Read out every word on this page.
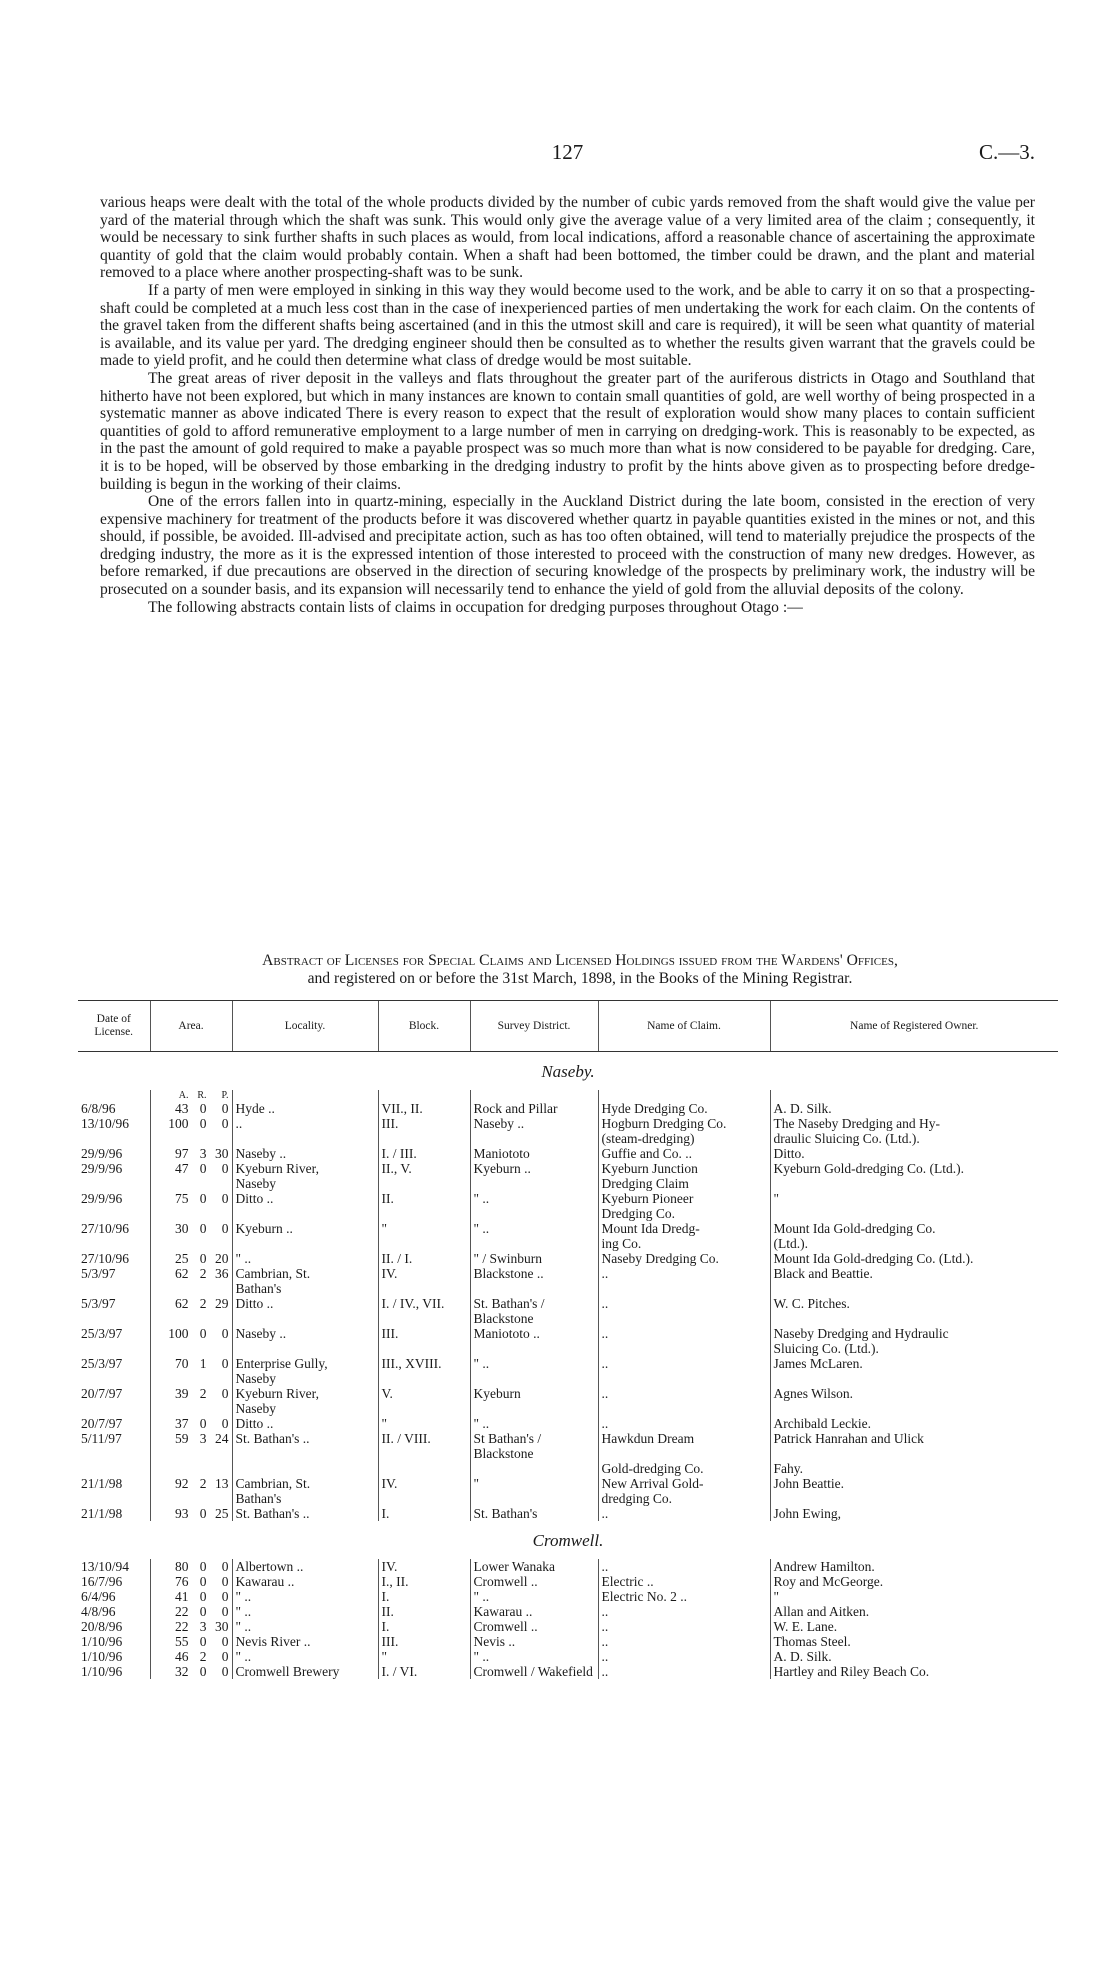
127	C.—3.

various heaps were dealt with the total of the whole products divided by the number of cubic yards removed from the shaft would give the value per yard of the material through which the shaft was sunk. This would only give the average value of a very limited area of the claim ; consequently, it would be necessary to sink further shafts in such places as would, from local indications, afford a reasonable chance of ascertaining the approximate quantity of gold that the claim would probably contain. When a shaft had been bottomed, the timber could be drawn, and the plant and material removed to a place where another prospecting-shaft was to be sunk.

If a party of men were employed in sinking in this way they would become used to the work, and be able to carry it on so that a prospecting-shaft could be completed at a much less cost than in the case of inexperienced parties of men undertaking the work for each claim. On the contents of the gravel taken from the different shafts being ascertained (and in this the utmost skill and care is required), it will be seen what quantity of material is available, and its value per yard. The dredging engineer should then be consulted as to whether the results given warrant that the gravels could be made to yield profit, and he could then determine what class of dredge would be most suitable.

The great areas of river deposit in the valleys and flats throughout the greater part of the auriferous districts in Otago and Southland that hitherto have not been explored, but which in many instances are known to contain small quantities of gold, are well worthy of being prospected in a systematic manner as above indicated There is every reason to expect that the result of exploration would show many places to contain sufficient quantities of gold to afford remunerative employment to a large number of men in carrying on dredging-work. This is reasonably to be expected, as in the past the amount of gold required to make a payable prospect was so much more than what is now considered to be payable for dredging. Care, it is to be hoped, will be observed by those embarking in the dredging industry to profit by the hints above given as to prospecting before dredge-building is begun in the working of their claims.

One of the errors fallen into in quartz-mining, especially in the Auckland District during the late boom, consisted in the erection of very expensive machinery for treatment of the products before it was discovered whether quartz in payable quantities existed in the mines or not, and this should, if possible, be avoided. Ill-advised and precipitate action, such as has too often obtained, will tend to materially prejudice the prospects of the dredging industry, the more as it is the expressed intention of those interested to proceed with the construction of many new dredges. However, as before remarked, if due precautions are observed in the direction of securing knowledge of the prospects by preliminary work, the industry will be prosecuted on a sounder basis, and its expansion will necessarily tend to enhance the yield of gold from the alluvial deposits of the colony.

The following abstracts contain lists of claims in occupation for dredging purposes throughout Otago :—

Abstract of Licenses for Special Claims and Licensed Holdings issued from the Wardens' Offices,
and registered on or before the 31st March, 1898, in the Books of the Mining Registrar.
Date of License.	Area.	Locality.	Block.	Survey District.	Name of Claim.	Name of Registered Owner.
Naseby.						

	A. R. P.					

6/8/96	43 0 0	Hyde ..	VII., II.	Rock and Pillar	Hyde Dredging Co.	A. D. Silk.
13/10/96	100 0 0	..	III.	Naseby ..	Hogburn Dredging Co.	The Naseby Dredging and Hy-

				(steam-dredging)	draulic Sluicing Co. (Ltd.).
29/9/96	97 3 30	Naseby ..	I. / III.	Maniototo	Guffie and Co. ..	Ditto.
29/9/96	47 0 0	Kyeburn River,	II., V.	Kyeburn ..	Kyeburn Junction	Kyeburn Gold-dredging Co. (Ltd.).

	Naseby			Dredging Claim	
29/9/96	75 0 0	Ditto ..	II.	" ..	Kyeburn Pioneer	"

				Dredging Co.	
27/10/96	30 0 0	Kyeburn ..	"	" ..	Mount Ida Dredg-	Mount Ida Gold-dredging Co.

				ing Co.	(Ltd.).
27/10/96	25 0 20	" ..	II. / I.	" / Swinburn	Naseby Dredging Co.	Mount Ida Gold-dredging Co. (Ltd.).
5/3/97	62 2 36	Cambrian, St.	IV.	Blackstone ..	..	Black and Beattie.

	Bathan's				
5/3/97	62 2 29	Ditto ..	I. / IV., VII.	St. Bathan's / Blackstone	..	W. C. Pitches.
25/3/97	100 0 0	Naseby ..	III.	Maniototo ..	..	Naseby Dredging and Hydraulic

					Sluicing Co. (Ltd.).
25/3/97	70 1 0	Enterprise Gully,	III., XVIII.	" ..	..	James McLaren.

	Naseby				
20/7/97	39 2 0	Kyeburn River,	V.	Kyeburn	..	Agnes Wilson.

	Naseby				
20/7/97	37 0 0	Ditto ..	"	" ..	..	Archibald Leckie.
5/11/97	59 3 24	St. Bathan's ..	II. / VIII.	St Bathan's / Blackstone	Hawkdun Dream	Patrick Hanrahan and Ulick

				Gold-dredging Co.	Fahy.
21/1/98	92 2 13	Cambrian, St.	IV.	"	New Arrival Gold-	John Beattie.

	Bathan's			dredging Co.	
21/1/98	93 0 25	St. Bathan's ..	I.	St. Bathan's	..	John Ewing,
Cromwell.						
13/10/94	80 0 0	Albertown ..	IV.	Lower Wanaka	..	Andrew Hamilton.
16/7/96	76 0 0	Kawarau ..	I., II.	Cromwell ..	Electric ..	Roy and McGeorge.
6/4/96	41 0 0	" ..	I.	" ..	Electric No. 2 ..	"
4/8/96	22 0 0	" ..	II.	Kawarau ..	..	Allan and Aitken.
20/8/96	22 3 30	" ..	I.	Cromwell ..	..	W. E. Lane.
1/10/96	55 0 0	Nevis River ..	III.	Nevis ..	..	Thomas Steel.
1/10/96	46 2 0	" ..	"	" ..	..	A. D. Silk.
1/10/96	32 0 0	Cromwell Brewery	I. / VI.	Cromwell / Wakefield	..	Hartley and Riley Beach Co.
